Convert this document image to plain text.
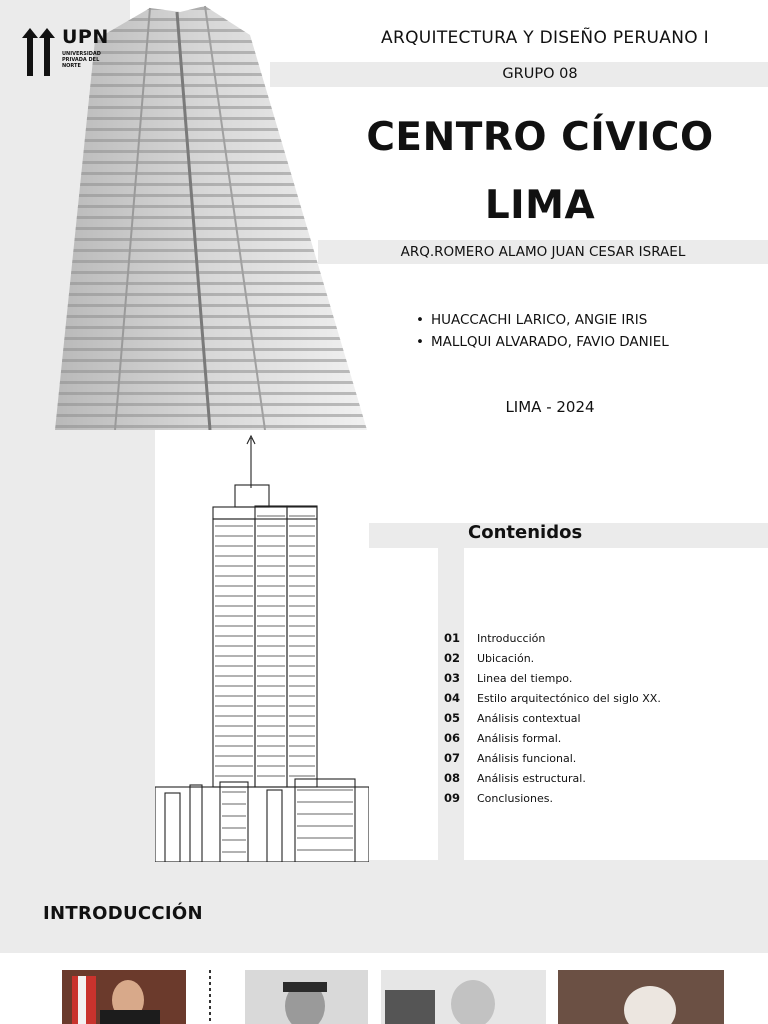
UPN
UNIVERSIDAD PRIVADA DEL NORTE
ARQUITECTURA Y DISEÑO PERUANO I
GRUPO 08
CENTRO CÍVICO
LIMA
ARQ.ROMERO ALAMO JUAN CESAR ISRAEL
• HUACCACHI LARICO, ANGIE IRIS
• MALLQUI ALVARADO, FAVIO DANIEL
LIMA - 2024
Contenidos
01 Introducción
02 Ubicación.
03 Linea del tiempo.
04 Estilo arquitectónico del siglo XX.
05 Análisis contextual
06 Análisis formal.
07 Análisis funcional.
08 Análisis estructural.
09 Conclusiones.
INTRODUCCIÓN
